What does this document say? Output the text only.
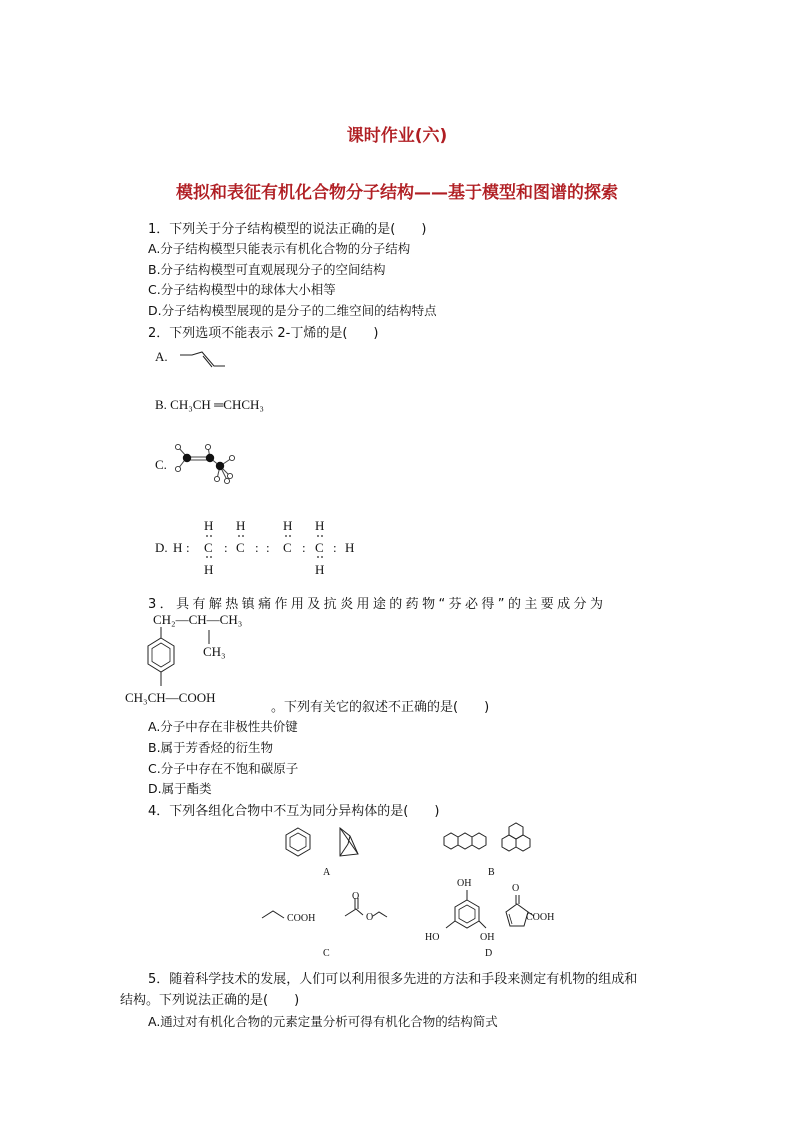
课时作业(六)
模拟和表征有机化合物分子结构——基于模型和图谱的探索
1．下列关于分子结构模型的说法正确的是(　　)
A.分子结构模型只能表示有机化合物的分子结构
B.分子结构模型可直观展现分子的空间结构
C.分子结构模型中的球体大小相等
D.分子结构模型展现的是分子的二维空间的结构特点
2．下列选项不能表示 2-丁烯的是(　　)
A.
B. CH₃CH ═CHCH₃
C.
D. H : C : C : : C : C : H
H H	H H
H	H
3．具有解热镇痛作用及抗炎用途的药物“芬必得”的主要成分为
CH₂—CH—CH₃
CH₃
CH₃CH—COOH
。下列有关它的叙述不正确的是(　　)
A.分子中存在非极性共价键
B.属于芳香烃的衍生物
C.分子中存在不饱和碳原子
D.属于酯类
4．下列各组化合物中不互为同分异构体的是(　　)
A	B
COOH
O
O
C
OH
HO	OH
O
COOH
D
5．随着科学技术的发展，人们可以利用很多先进的方法和手段来测定有机物的组成和
结构。下列说法正确的是(　　)
A.通过对有机化合物的元素定量分析可得有机化合物的结构简式
